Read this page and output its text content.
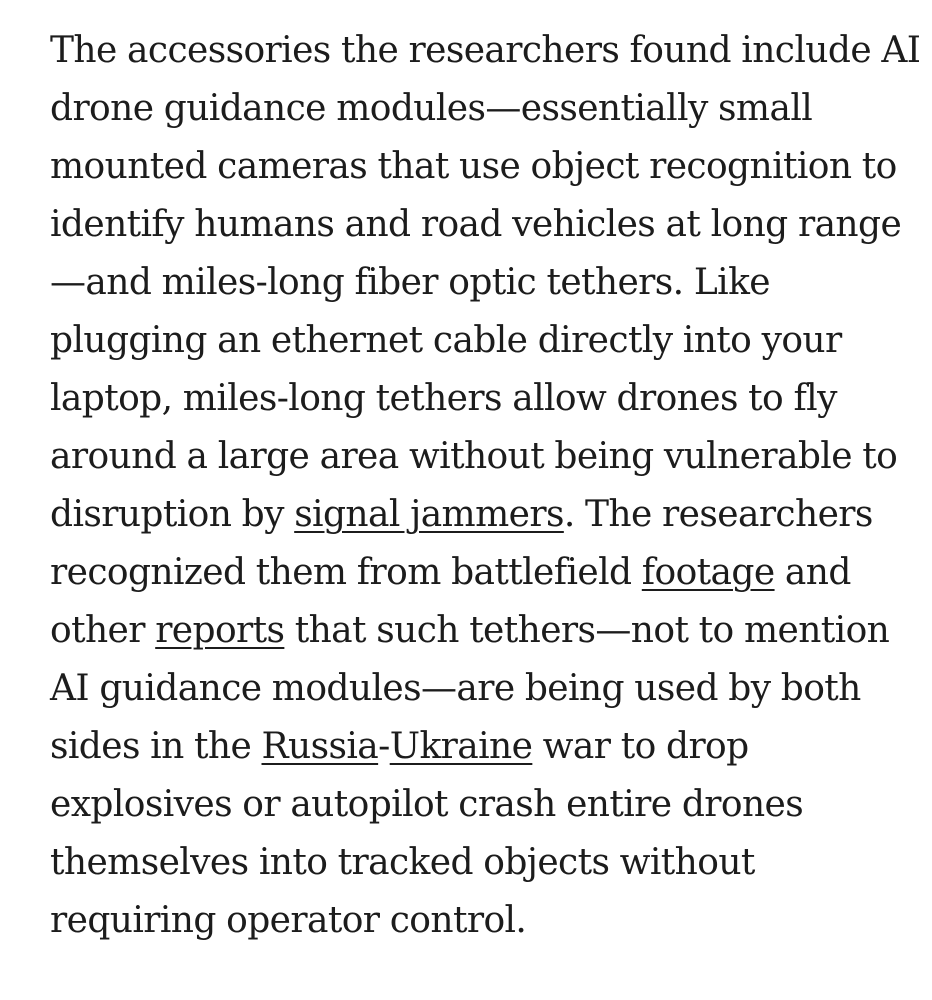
The accessories the researchers found include AI
drone guidance modules—essentially small
mounted cameras that use object recognition to
identify humans and road vehicles at long range
—and miles-long fiber optic tethers. Like
plugging an ethernet cable directly into your
laptop, miles-long tethers allow drones to fly
around a large area without being vulnerable to
disruption by signal jammers. The researchers
recognized them from battlefield footage and
other reports that such tethers—not to mention
AI guidance modules—are being used by both
sides in the Russia-Ukraine war to drop
explosives or autopilot crash entire drones
themselves into tracked objects without
requiring operator control.
